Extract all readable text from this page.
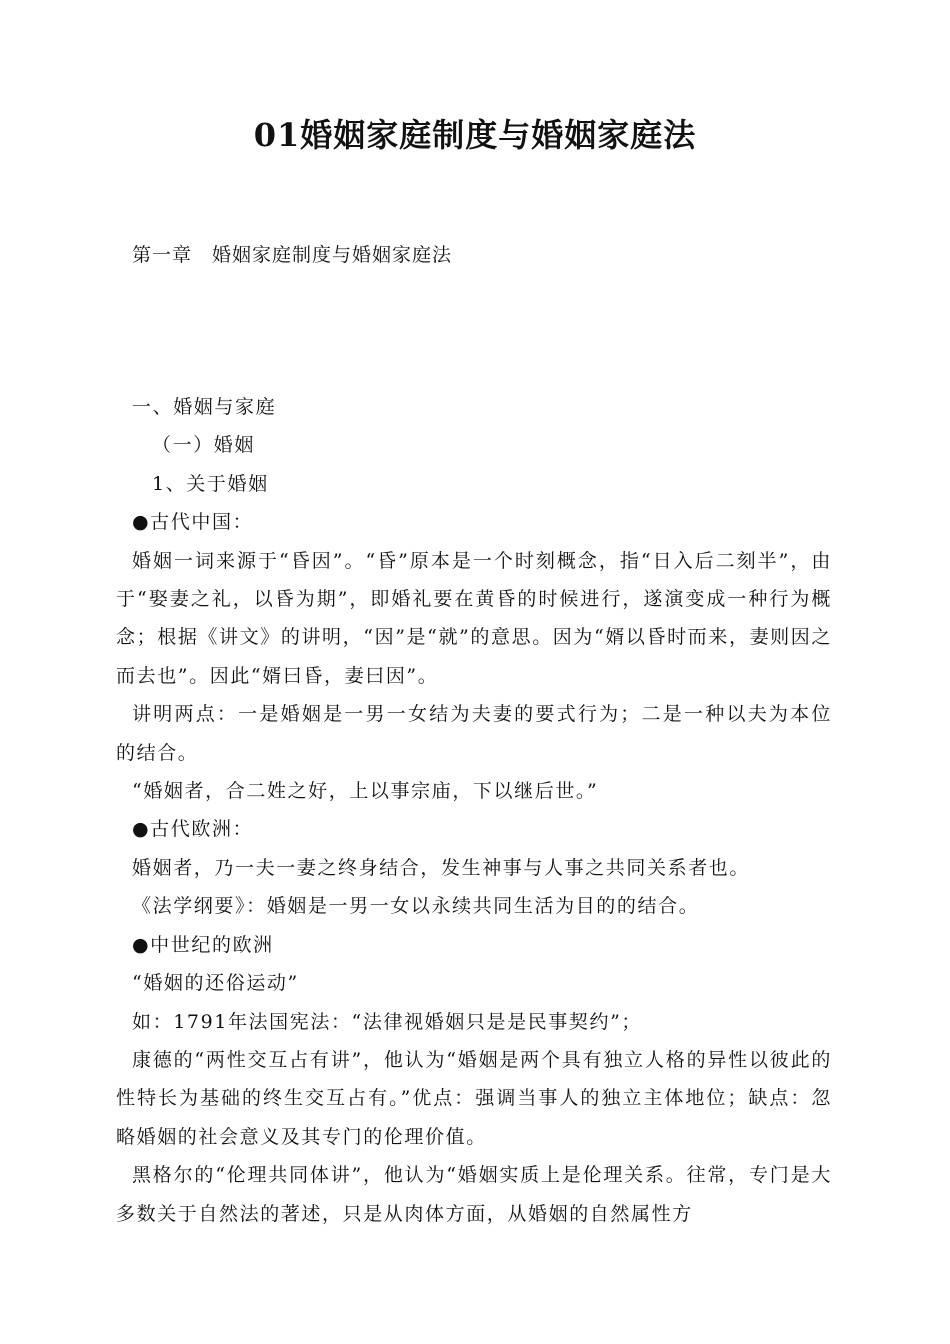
01婚姻家庭制度与婚姻家庭法

第一章　婚姻家庭制度与婚姻家庭法

一、婚姻与家庭

（一）婚姻

1、关于婚姻

●古代中国：

婚姻一词来源于“昏因”。“昏”原本是一个时刻概念，指“日入后二刻半”，由于“娶妻之礼，以昏为期”，即婚礼要在黄昏的时候进行，遂演变成一种行为概念；根据《讲文》的讲明，“因”是“就”的意思。因为“婿以昏时而来，妻则因之而去也”。因此“婿曰昏，妻曰因”。

讲明两点：一是婚姻是一男一女结为夫妻的要式行为；二是一种以夫为本位的结合。

“婚姻者，合二姓之好，上以事宗庙，下以继后世。”

●古代欧洲：

婚姻者，乃一夫一妻之终身结合，发生神事与人事之共同关系者也。

《法学纲要》：婚姻是一男一女以永续共同生活为目的的结合。

●中世纪的欧洲

“婚姻的还俗运动”

如：1791年法国宪法：“法律视婚姻只是是民事契约”；

康德的“两性交互占有讲”，他认为“婚姻是两个具有独立人格的异性以彼此的性特长为基础的终生交互占有。”优点：强调当事人的独立主体地位；缺点：忽略婚姻的社会意义及其专门的伦理价值。

黑格尔的“伦理共同体讲”，他认为“婚姻实质上是伦理关系。往常，专门是大多数关于自然法的著述，只是从肉体方面，从婚姻的自然属性方
